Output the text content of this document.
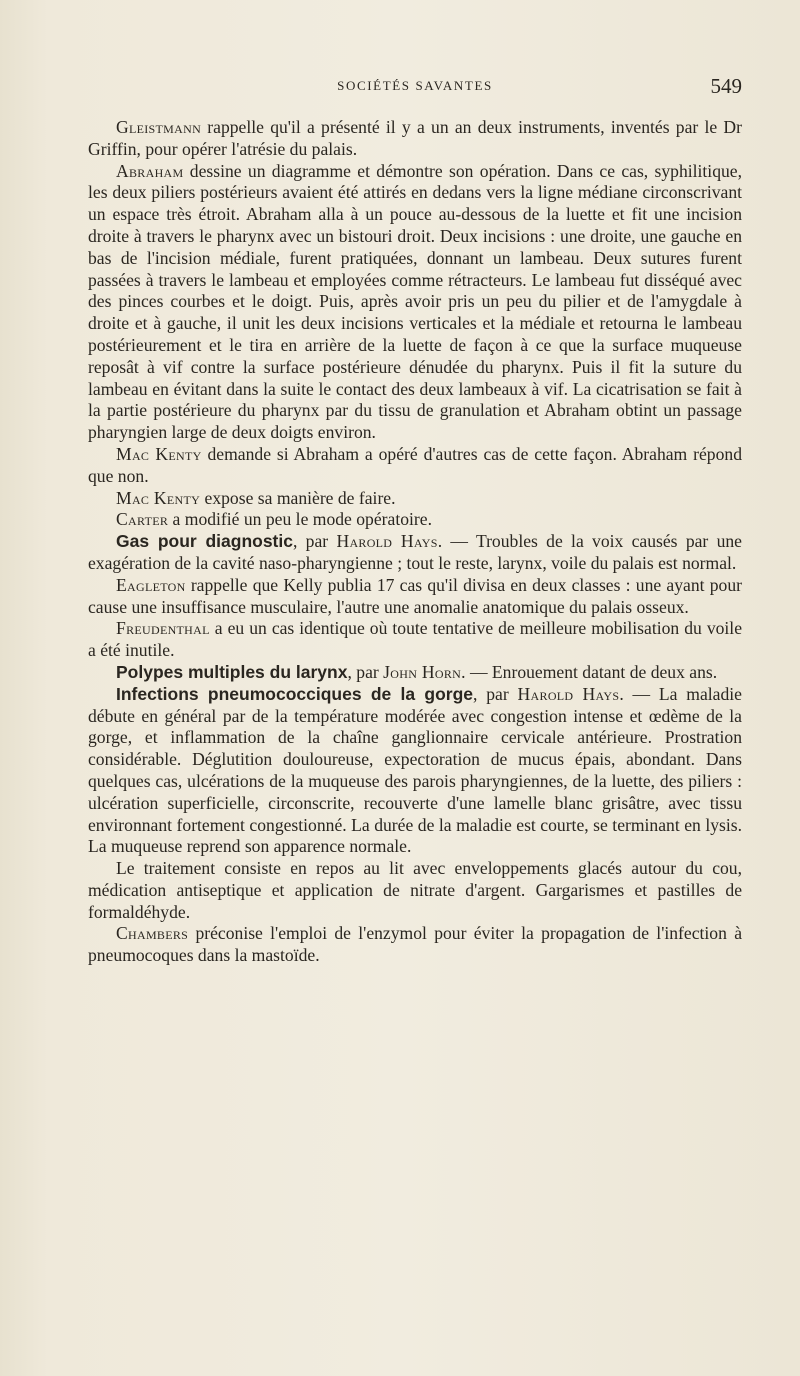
SOCIÉTÉS SAVANTES	549

Gleistmann rappelle qu'il a présenté il y a un an deux instruments, inventés par le Dr Griffin, pour opérer l'atrésie du palais.

Abraham dessine un diagramme et démontre son opération. Dans ce cas, syphilitique, les deux piliers postérieurs avaient été attirés en dedans vers la ligne médiane circonscrivant un espace très étroit. Abraham alla à un pouce au-dessous de la luette et fit une incision droite à travers le pharynx avec un bistouri droit. Deux incisions : une droite, une gauche en bas de l'incision médiale, furent pratiquées, donnant un lambeau. Deux sutures furent passées à travers le lambeau et employées comme rétracteurs. Le lambeau fut disséqué avec des pinces courbes et le doigt. Puis, après avoir pris un peu du pilier et de l'amygdale à droite et à gauche, il unit les deux incisions verticales et la médiale et retourna le lambeau postérieurement et le tira en arrière de la luette de façon à ce que la surface muqueuse reposât à vif contre la surface postérieure dénudée du pharynx. Puis il fit la suture du lambeau en évitant dans la suite le contact des deux lambeaux à vif. La cicatrisation se fait à la partie postérieure du pharynx par du tissu de granulation et Abraham obtint un passage pharyngien large de deux doigts environ.

Mac Kenty demande si Abraham a opéré d'autres cas de cette façon. Abraham répond que non.

Mac Kenty expose sa manière de faire.

Carter a modifié un peu le mode opératoire.

Gas pour diagnostic, par Harold Hays. — Troubles de la voix causés par une exagération de la cavité naso-pharyngienne ; tout le reste, larynx, voile du palais est normal.

Eagleton rappelle que Kelly publia 17 cas qu'il divisa en deux classes : une ayant pour cause une insuffisance musculaire, l'autre une anomalie anatomique du palais osseux.

Freudenthal a eu un cas identique où toute tentative de meilleure mobilisation du voile a été inutile.

Polypes multiples du larynx, par John Horn. — Enrouement datant de deux ans.

Infections pneumococciques de la gorge, par Harold Hays. — La maladie débute en général par de la température modérée avec congestion intense et œdème de la gorge, et inflammation de la chaîne ganglionnaire cervicale antérieure. Prostration considérable. Déglutition douloureuse, expectoration de mucus épais, abondant. Dans quelques cas, ulcérations de la muqueuse des parois pharyngiennes, de la luette, des piliers : ulcération superficielle, circonscrite, recouverte d'une lamelle blanc grisâtre, avec tissu environnant fortement congestionné. La durée de la maladie est courte, se terminant en lysis. La muqueuse reprend son apparence normale.

Le traitement consiste en repos au lit avec enveloppements glacés autour du cou, médication antiseptique et application de nitrate d'argent. Gargarismes et pastilles de formaldéhyde.

Chambers préconise l'emploi de l'enzymol pour éviter la propagation de l'infection à pneumocoques dans la mastoïde.
